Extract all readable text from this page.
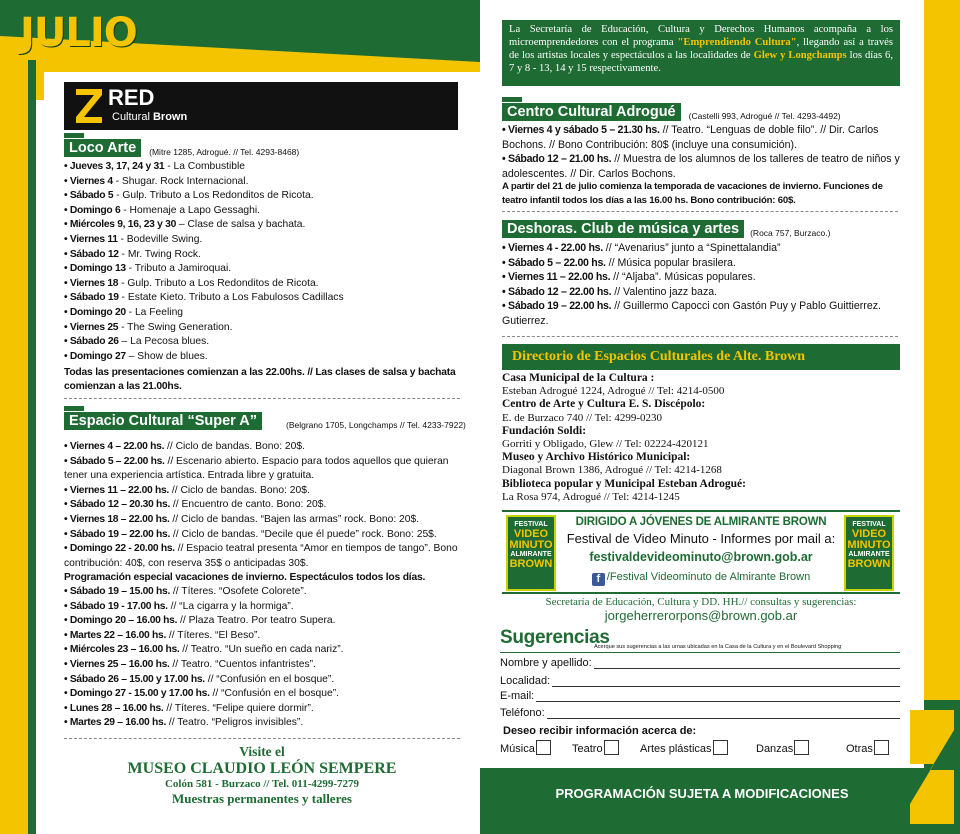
JULIO
RED
Cultural Brown
Loco Arte	(Mitre 1285, Adrogué. // Tel. 4293-8468)
• Jueves 3, 17, 24 y 31 - La Combustible
• Viernes 4 - Shugar. Rock Internacional.
• Sábado 5 - Gulp. Tributo a Los Redonditos de Ricota.
• Domingo 6 - Homenaje a Lapo Gessaghi.
• Miércoles 9, 16, 23 y 30 – Clase de salsa y bachata.
• Viernes 11 - Bodeville Swing.
• Sábado 12 - Mr. Twing Rock.
• Domingo 13 - Tributo a Jamiroquai.
• Viernes 18 - Gulp. Tributo a Los Redonditos de Ricota.
• Sábado 19 - Estate Kieto. Tributo a Los Fabulosos Cadillacs
• Domingo 20 - La Feeling
• Viernes 25 - The Swing Generation.
• Sábado 26 – La Pecosa blues.
• Domingo 27 – Show de blues.
Todas las presentaciones comienzan a las 22.00hs. // Las clases de salsa y bachata comienzan a las 21.00hs.
Espacio Cultural “Super A”	(Belgrano 1705, Longchamps // Tel. 4233-7922)
• Viernes 4 – 22.00 hs. // Ciclo de bandas. Bono: 20$.
• Sábado 5 – 22.00 hs. // Escenario abierto. Espacio para todos aquellos que quieran tener una experiencia artística. Entrada libre y gratuita.
• Viernes 11 – 22.00 hs. // Ciclo de bandas. Bono: 20$.
• Sábado 12 – 20.30 hs. // Encuentro de canto. Bono: 20$.
• Viernes 18 – 22.00 hs. // Ciclo de bandas. “Bajen las armas” rock. Bono: 20$.
• Sábado 19 – 22.00 hs. // Ciclo de bandas. “Decile que él puede” rock. Bono: 25$.
• Domingo 22 - 20.00 hs. // Espacio teatral presenta “Amor en tiempos de tango”. Bono contribución: 40$, con reserva 35$ o anticipadas 30$.
Programación especial vacaciones de invierno. Espectáculos todos los días.
• Sábado 19 – 15.00 hs. // Títeres. “Osofete Colorete”.
• Sábado 19 - 17.00 hs. // “La cigarra y la hormiga”.
• Domingo 20 – 16.00 hs. // Plaza Teatro. Por teatro Supera.
• Martes 22 – 16.00 hs. // Títeres. “El Beso”.
• Miércoles 23 – 16.00 hs. // Teatro. “Un sueño en cada nariz”.
• Viernes 25 – 16.00 hs. // Teatro. “Cuentos infantristes”.
• Sábado 26 – 15.00 y 17.00 hs. // “Confusión en el bosque”.
• Domingo 27 - 15.00 y 17.00 hs. // “Confusión en el bosque”.
• Lunes 28 – 16.00 hs. // Títeres. “Felipe quiere dormir”.
• Martes 29 – 16.00 hs. // Teatro. “Peligros invisibles”.
Visite el
MUSEO CLAUDIO LEÓN SEMPERE
Colón 581 - Burzaco // Tel. 011-4299-7279
Muestras permanentes y talleres
La Secretaría de Educación, Cultura y Derechos Humanos acompaña a los microemprendedores con el programa "Emprendiendo Cultura", llegando así a través de los artistas locales y espectáculos a las localidades de Glew y Longchamps los días 6, 7 y 8 - 13, 14 y 15 respectivamente.
Centro Cultural Adrogué	(Castelli 993, Adrogué // Tel. 4293-4492)
• Viernes 4 y sábado 5 – 21.30 hs. // Teatro. “Lenguas de doble filo”. // Dir. Carlos Bochons. // Bono Contribución: 80$ (incluye una consumición).
• Sábado 12 – 21.00 hs. // Muestra de los alumnos de los talleres de teatro de niños y adolescentes. // Dir. Carlos Bochons.
A partir del 21 de julio comienza la temporada de vacaciones de invierno. Funciones de teatro infantil todos los días a las 16.00 hs. Bono contribución: 60$.
Deshoras. Club de música y artes	(Roca 757, Burzaco.)
• Viernes 4 - 22.00 hs. // “Avenarius” junto a “Spinettalandia”
• Sábado 5 – 22.00 hs. // Música popular brasilera.
• Viernes 11 – 22.00 hs. // “Aljaba”. Músicas populares.
• Sábado 12 – 22.00 hs. // Valentino jazz baza.
• Sábado 19 – 22.00 hs. // Guillermo Capocci con Gastón Puy y Pablo Guittierrez. Gutierrez.
Directorio de Espacios Culturales de Alte. Brown
Casa Municipal de la Cultura :
Esteban Adrogué 1224, Adrogué // Tel: 4214-0500
Centro de Arte y Cultura E. S. Discépolo:
E. de Burzaco 740 // Tel: 4299-0230
Fundación Soldi:
Gorriti y Obligado, Glew // Tel: 02224-420121
Museo y Archivo Histórico Municipal:
Diagonal Brown 1386, Adrogué // Tel: 4214-1268
Biblioteca popular y Municipal Esteban Adrogué:
La Rosa 974, Adrogué // Tel: 4214-1245
FESTIVAL
VIDEO MINUTO
ALMIRANTE
BROWN
DIRIGIDO A JÓVENES DE ALMIRANTE BROWN
Festival de Video Minuto - Informes por mail a:
festivaldevideominuto@brown.gob.ar
f /Festival Videominuto de Almirante Brown
FESTIVAL
VIDEO MINUTO
ALMIRANTE
BROWN
Secretaría de Educación, Cultura y DD. HH.// consultas y sugerencias:
jorgeherrerorpons@brown.gob.ar
Sugerencias
Acerque sus sugerencias a las urnas ubicadas en la Casa de la Cultura y en el Boulevard Shopping
Nombre y apellido:
Localidad:
E-mail:
Teléfono:
Deseo recibir información acerca de:
Música	Teatro	Artes plásticas	Danzas	Otras
PROGRAMACIÓN SUJETA A MODIFICACIONES
